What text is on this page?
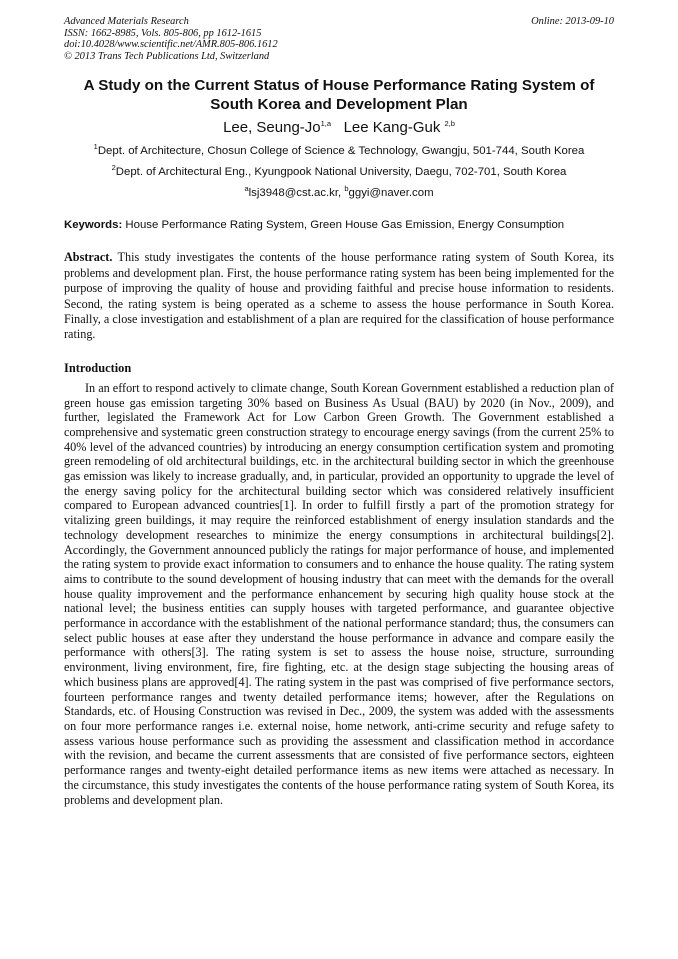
Advanced Materials Research
ISSN: 1662-8985, Vols. 805-806, pp 1612-1615
doi:10.4028/www.scientific.net/AMR.805-806.1612
© 2013 Trans Tech Publications Ltd, Switzerland
Online: 2013-09-10
A Study on the Current Status of House Performance Rating System of South Korea and Development Plan
Lee, Seung-Jo$^{1,a}$ Lee Kang-Guk $^{2,b}$
$^1$Dept. of Architecture, Chosun College of Science & Technology, Gwangju, 501-744, South Korea
$^2$Dept. of Architectural Eng., Kyungpook National University, Daegu, 702-701, South Korea
$^a$lsj3948@cst.ac.kr, $^b$ggyi@naver.com
Keywords: House Performance Rating System, Green House Gas Emission, Energy Consumption
Abstract. This study investigates the contents of the house performance rating system of South Korea, its problems and development plan. First, the house performance rating system has been being implemented for the purpose of improving the quality of house and providing faithful and precise house information to residents. Second, the rating system is being operated as a scheme to assess the house performance in South Korea. Finally, a close investigation and establishment of a plan are required for the classification of house performance rating.
Introduction
In an effort to respond actively to climate change, South Korean Government established a reduction plan of green house gas emission targeting 30% based on Business As Usual (BAU) by 2020 (in Nov., 2009), and further, legislated the Framework Act for Low Carbon Green Growth. The Government established a comprehensive and systematic green construction strategy to encourage energy savings (from the current 25% to 40% level of the advanced countries) by introducing an energy consumption certification system and promoting green remodeling of old architectural buildings, etc. in the architectural building sector in which the greenhouse gas emission was likely to increase gradually, and, in particular, provided an opportunity to upgrade the level of the energy saving policy for the architectural building sector which was considered relatively insufficient compared to European advanced countries[1]. In order to fulfill firstly a part of the promotion strategy for vitalizing green buildings, it may require the reinforced establishment of energy insulation standards and the technology development researches to minimize the energy consumptions in architectural buildings[2]. Accordingly, the Government announced publicly the ratings for major performance of house, and implemented the rating system to provide exact information to consumers and to enhance the house quality. The rating system aims to contribute to the sound development of housing industry that can meet with the demands for the overall house quality improvement and the performance enhancement by securing high quality house stock at the national level; the business entities can supply houses with targeted performance, and guarantee objective performance in accordance with the establishment of the national performance standard; thus, the consumers can select public houses at ease after they understand the house performance in advance and compare easily the performance with others[3]. The rating system is set to assess the house noise, structure, surrounding environment, living environment, fire, fire fighting, etc. at the design stage subjecting the housing areas of which business plans are approved[4]. The rating system in the past was comprised of five performance sectors, fourteen performance ranges and twenty detailed performance items; however, after the Regulations on Standards, etc. of Housing Construction was revised in Dec., 2009, the system was added with the assessments on four more performance ranges i.e. external noise, home network, anti-crime security and refuge safety to assess various house performance such as providing the assessment and classification method in accordance with the revision, and became the current assessments that are consisted of five performance sectors, eighteen performance ranges and twenty-eight detailed performance items as new items were attached as necessary. In the circumstance, this study investigates the contents of the house performance rating system of South Korea, its problems and development plan.
